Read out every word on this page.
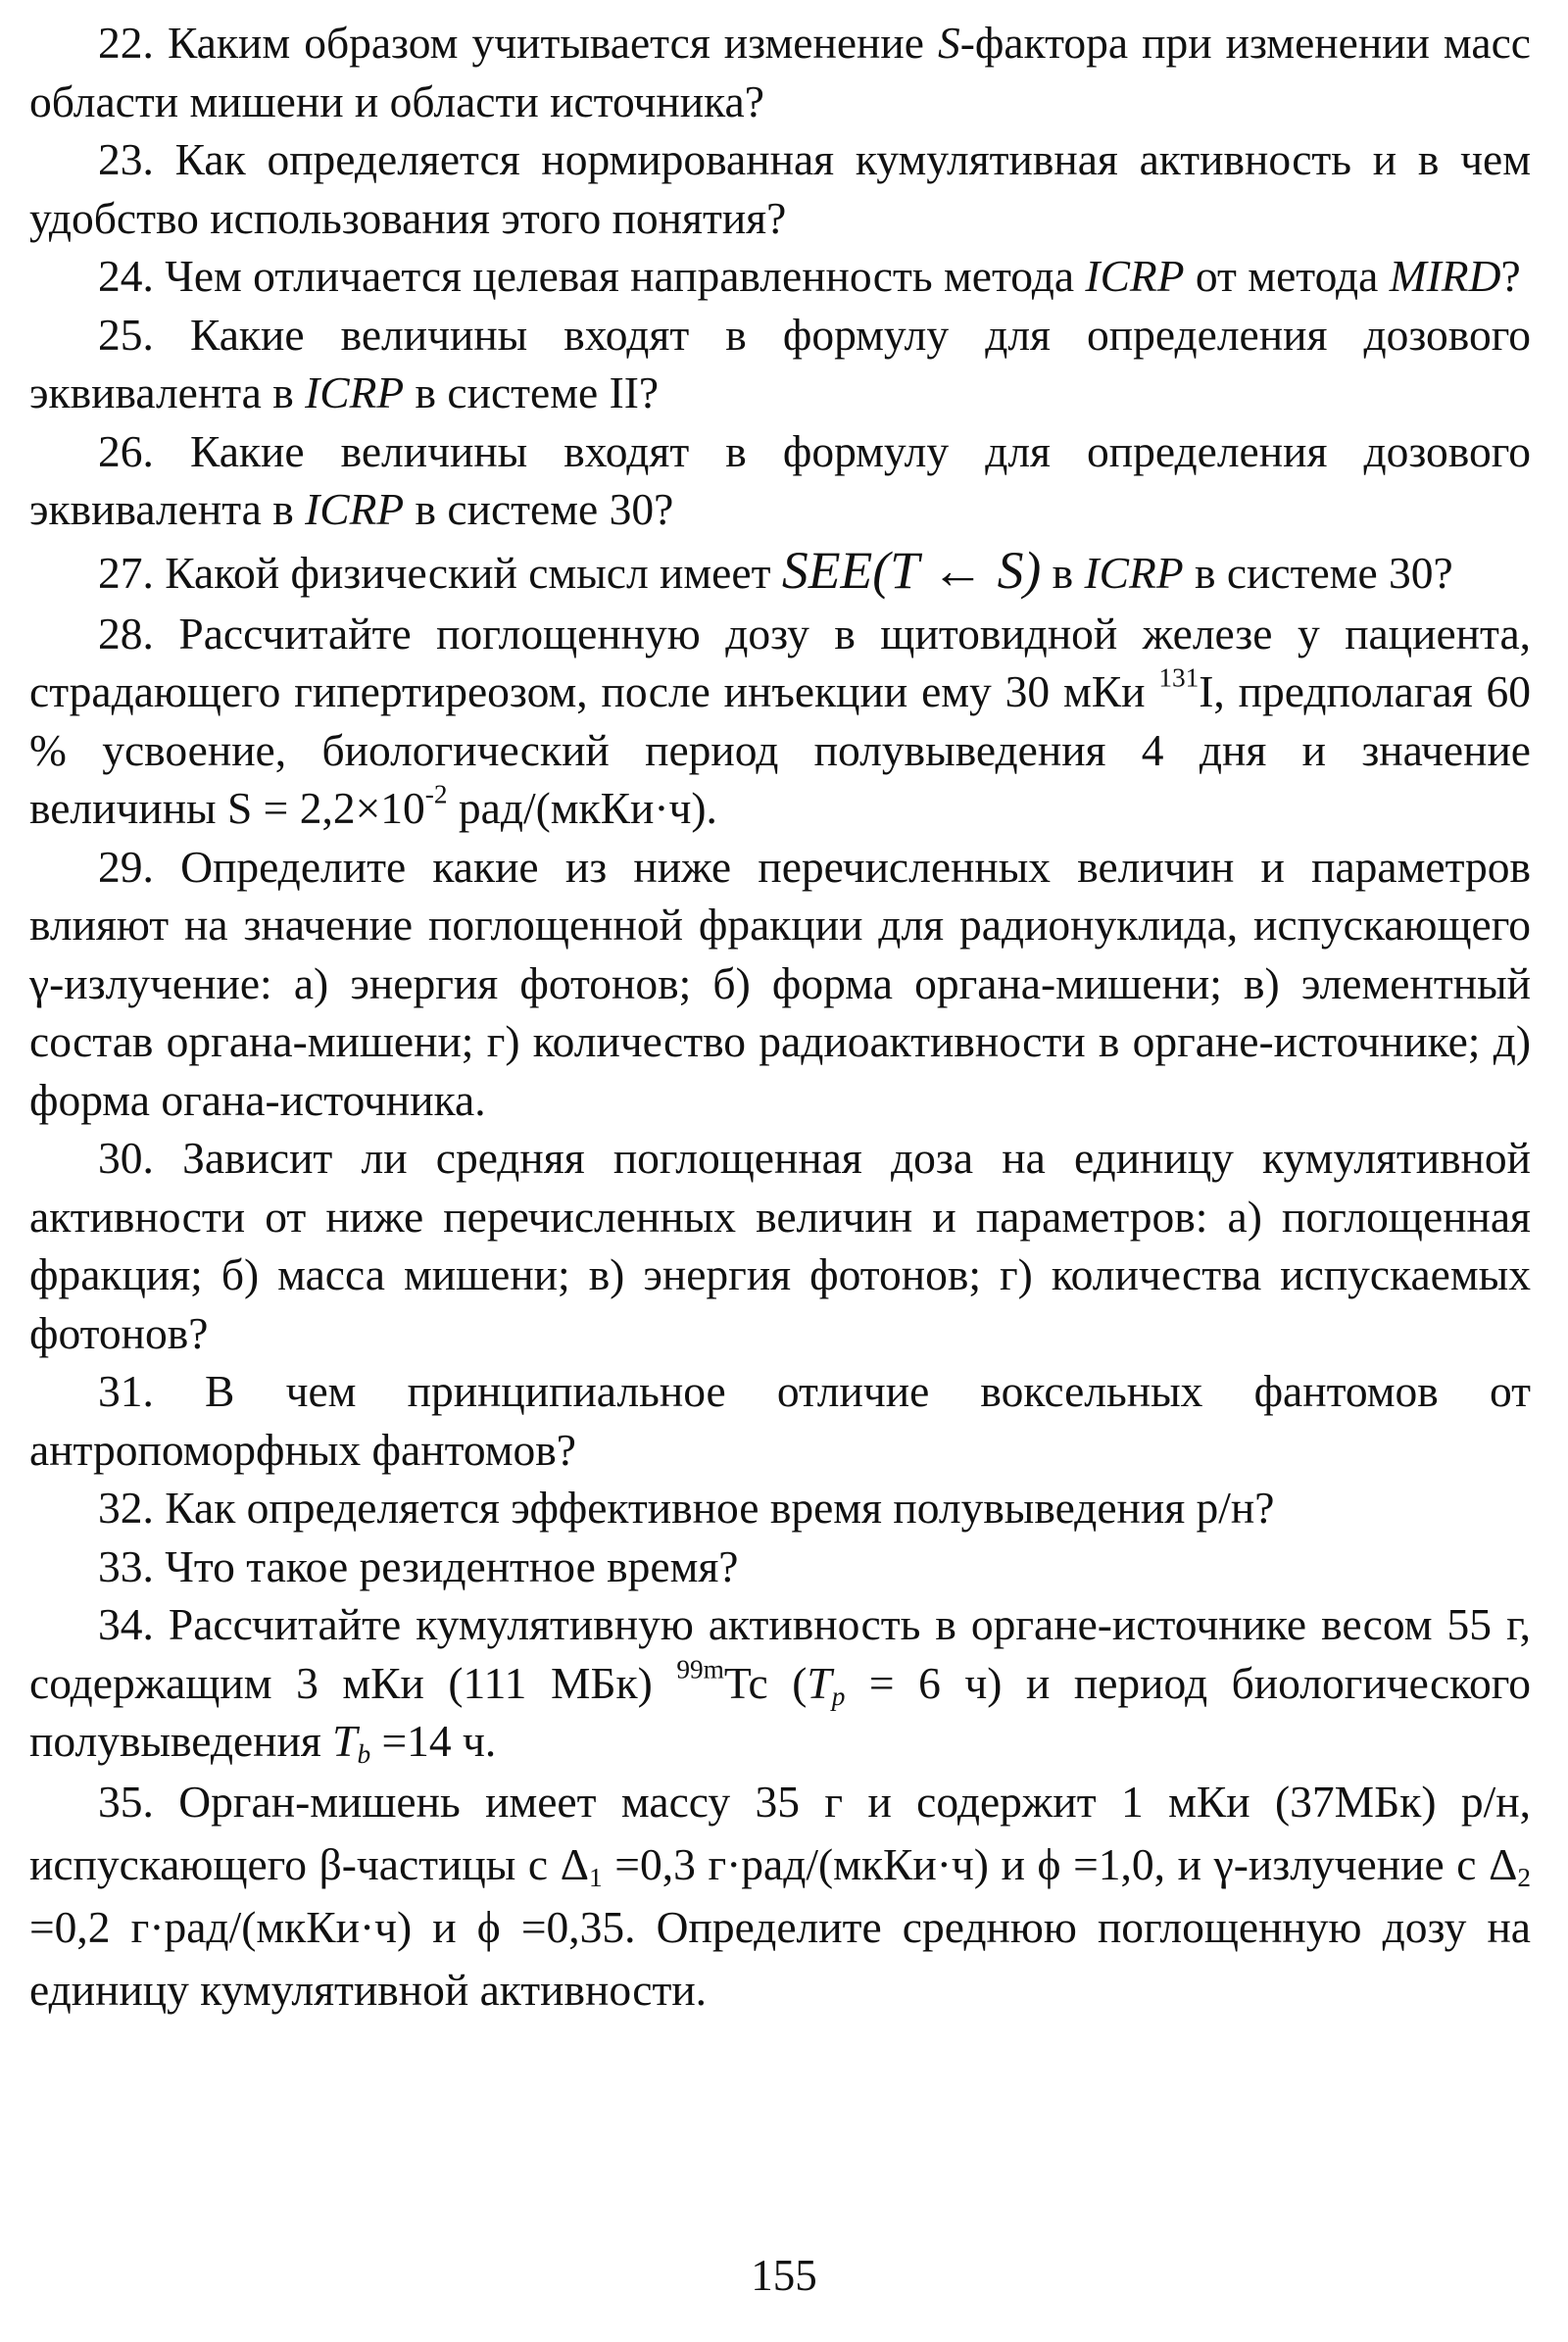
22. Каким образом учитывается изменение S-фактора при изменении масс области мишени и области источника?

23. Как определяется нормированная кумулятивная активность и в чем удобство использования этого понятия?

24. Чем отличается целевая направленность метода ICRP от метода MIRD?

25. Какие величины входят в формулу для определения дозового эквивалента в ICRP в системе II?

26. Какие величины входят в формулу для определения дозового эквивалента в ICRP в системе 30?

27. Какой физический смысл имеет SEE(T ← S) в ICRP в системе 30?

28. Рассчитайте поглощенную дозу в щитовидной железе у пациента, страдающего гипертиреозом, после инъекции ему 30 мКи $^{131}$I, предполагая 60 % усвоение, биологический период полувыведения 4 дня и значение величины $S = 2,2\times 10^{-2}$ рад/(мкКи·ч).

29. Определите какие из ниже перечисленных величин и параметров влияют на значение поглощенной фракции для радионуклида, испускающего γ-излучение: а) энергия фотонов; б) форма органа-мишени; в) элементный состав органа-мишени; г) количество радиоактивности в органе-источнике; д) форма огана-источника.

30. Зависит ли средняя поглощенная доза на единицу кумулятивной активности от ниже перечисленных величин и параметров: а) поглощенная фракция; б) масса мишени; в) энергия фотонов; г) количества испускаемых фотонов?

31. В чем принципиальное отличие воксельных фантомов от антропоморфных фантомов?

32. Как определяется эффективное время полувыведения р/н?

33. Что такое резидентное время?

34. Рассчитайте кумулятивную активность в органе-источнике весом 55 г, содержащим 3 мКи (111 МБк) $^{99m}$Tc ($T_p = 6$ ч) и период биологического полувыведения $T_b =14$ ч.

35. Орган-мишень имеет массу 35 г и содержит 1 мКи (37МБк) р/н, испускающего β-частицы с $\Delta_1 =0,3$ г·рад/(мкКи·ч) и ϕ =1,0, и γ-излучение с $\Delta_2 =0,2$ г·рад/(мкКи·ч) и ϕ =0,35. Определите среднюю поглощенную дозу на единицу кумулятивной активности.

155
